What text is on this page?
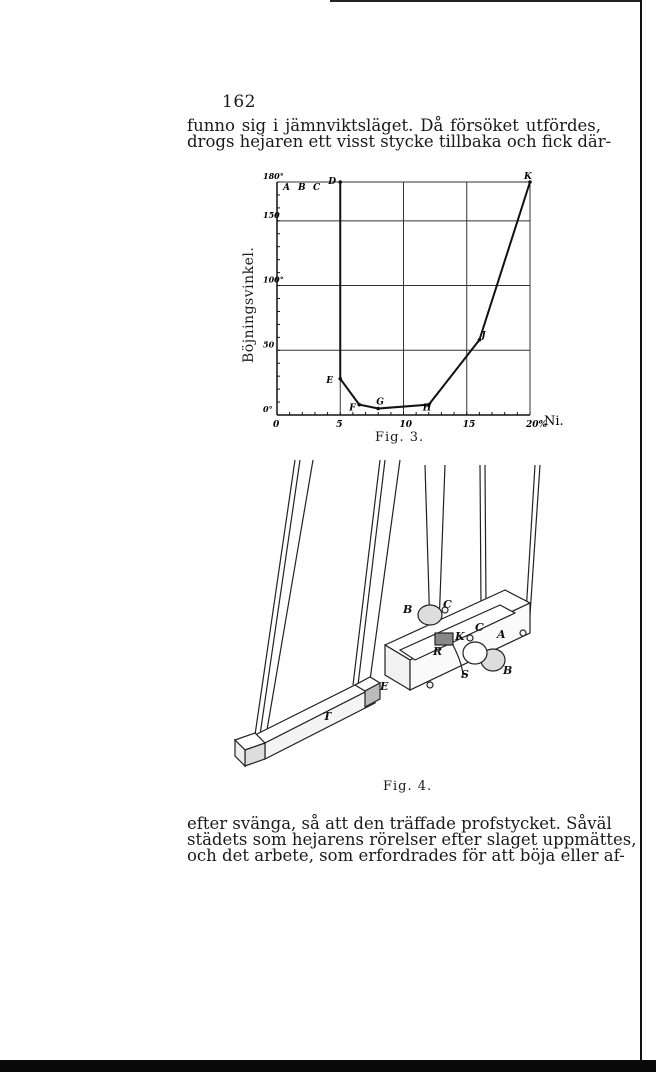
162
funno sig i jämnviktsläget. Då försöket utfördes,
drogs hejaren ett visst stycke tillbaka och fick där-
0	5	10	15	20%
Ni.
0°
50
100°
150
180°
A B C
D
E
F
G
H
J
K
Böjningsvinkel.
Fig. 3.
T
E
B	C
K
C
A
R
S	B
Fig. 4.
efter svänga, så att den träffade profstycket. Såväl
städets som hejarens rörelser efter slaget uppmättes,
och det arbete, som erfordrades för att böja eller af-
